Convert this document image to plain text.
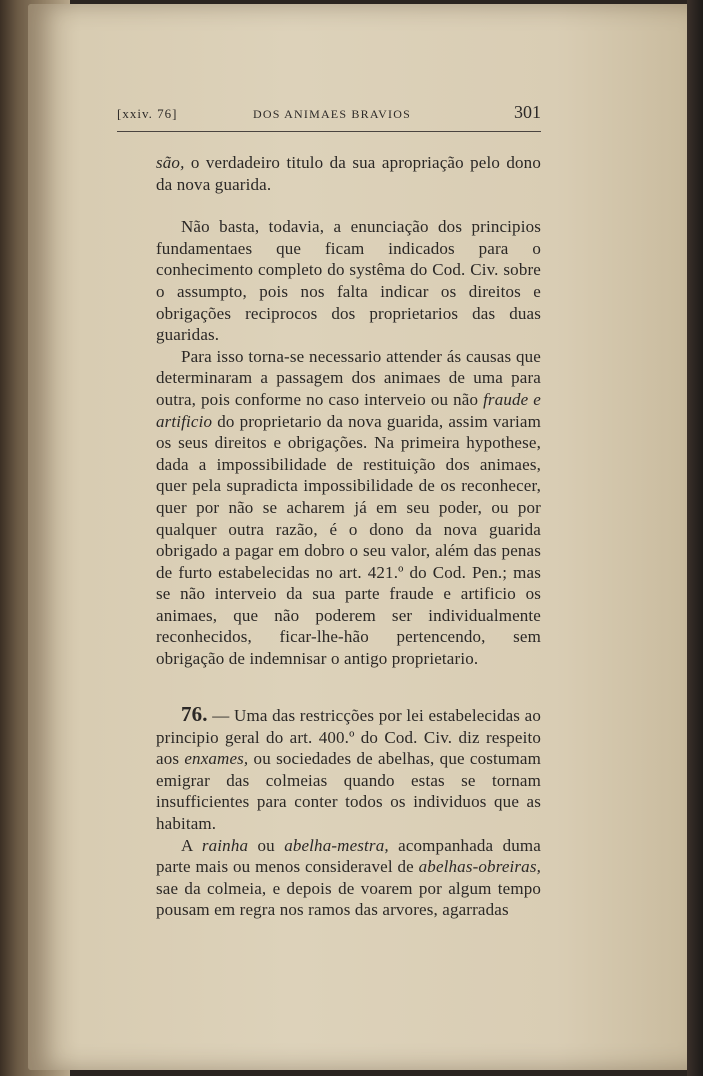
[xxiv. 76]	DOS ANIMAES BRAVIOS	301

são, o verdadeiro titulo da sua apropriação pelo dono da nova guarida.

Não basta, todavia, a enunciação dos principios fundamentaes que ficam indicados para o conhecimento completo do systêma do Cod. Civ. sobre o assumpto, pois nos falta indicar os direitos e obrigações reciprocos dos proprietarios das duas guaridas.

Para isso torna-se necessario attender ás causas que determinaram a passagem dos animaes de uma para outra, pois conforme no caso interveio ou não fraude e artificio do proprietario da nova guarida, assim variam os seus direitos e obrigações. Na primeira hypothese, dada a impossibilidade de restituição dos animaes, quer pela supradicta impossibilidade de os reconhecer, quer por não se acharem já em seu poder, ou por qualquer outra razão, é o dono da nova guarida obrigado a pagar em dobro o seu valor, além das penas de furto estabelecidas no art. 421.º do Cod. Pen.; mas se não interveio da sua parte fraude e artificio os animaes, que não poderem ser individualmente reconhecidos, ficar-lhe-hão pertencendo, sem obrigação de indemnisar o antigo proprietario.

76. — Uma das restricções por lei estabelecidas ao principio geral do art. 400.º do Cod. Civ. diz respeito aos enxames, ou sociedades de abelhas, que costumam emigrar das colmeias quando estas se tornam insufficientes para conter todos os individuos que as habitam.

A rainha ou abelha-mestra, acompanhada duma parte mais ou menos consideravel de abelhas-obreiras, sae da colmeia, e depois de voarem por algum tempo pousam em regra nos ramos das arvores, agarradas
